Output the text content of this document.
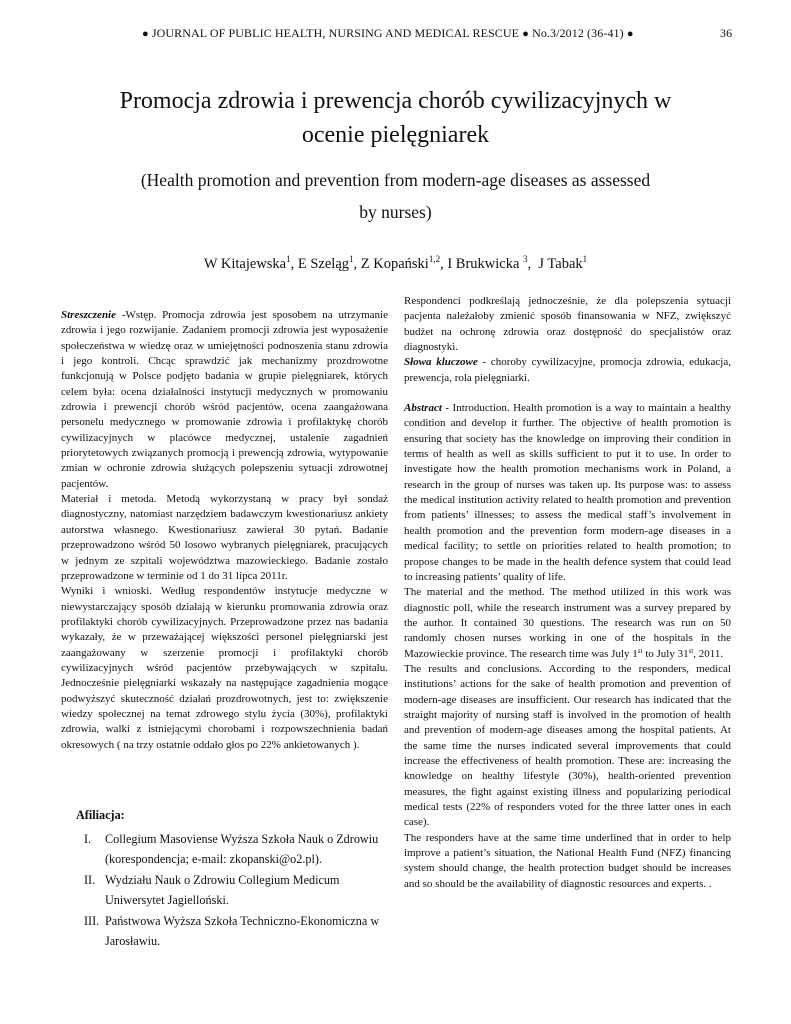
● JOURNAL OF PUBLIC HEALTH, NURSING AND MEDICAL RESCUE ● No.3/2012 (36-41) ●	36
Promocja zdrowia i prewencja chorób cywilizacyjnych w
ocenie pielęgniarek
(Health promotion and prevention from modern-age diseases as assessed
by nurses)
W Kitajewska$^1$, E Szeląg$^1$, Z Kopański$^{1,2}$, I Brukwicka $^3$,  J Tabak$^1$

Streszczenie -Wstęp. Promocja zdrowia jest sposobem na utrzymanie zdrowia i jego rozwijanie. Zadaniem promocji zdrowia jest wyposażenie społeczeństwa w wiedzę oraz w umiejętności podnoszenia stanu zdrowia i jego kontroli. Chcąc sprawdzić jak mechanizmy prozdrowotne funkcjonują w Polsce podjęto badania w grupie pielęgniarek, których celem była: ocena działalności instytucji medycznych w promowaniu zdrowia i prewencji chorób wśród pacjentów, ocena zaangażowana personelu medycznego w promowanie zdrowia i profilaktykę chorób cywilizacyjnych w placówce medycznej, ustalenie zagadnień priorytetowych związanych promocją i prewencją zdrowia, wytypowanie zmian w ochronie zdrowia służących polepszeniu sytuacji zdrowotnej pacjentów.

Materiał i metoda. Metodą wykorzystaną w pracy był sondaż diagnostyczny, natomiast narzędziem badawczym kwestionariusz ankiety autorstwa własnego. Kwestionariusz zawierał 30 pytań. Badanie przeprowadzono wśród 50 losowo wybranych pielęgniarek, pracujących w jednym ze szpitali województwa mazowieckiego. Badanie zostało przeprowadzone w terminie od 1 do 31 lipca 2011r.

Wyniki i wnioski. Według respondentów instytucje medyczne w niewystarczający sposób działają w kierunku promowania zdrowia oraz profilaktyki chorób cywilizacyjnych. Przeprowadzone przez nas badania wykazały, że w przeważającej większości personel pielęgniarski jest zaangażowany w szerzenie promocji i profilaktyki chorób cywilizacyjnych wśród pacjentów przebywających w szpitalu. Jednocześnie pielęgniarki wskazały na następujące zagadnienia mogące podwyższyć skuteczność działań prozdrowotnych, jest to: zwiększenie wiedzy społecznej na temat zdrowego stylu życia (30%), profilaktyki zdrowia, walki z istniejącymi chorobami i rozpowszechnienia badań okresowych ( na trzy ostatnie oddało głos po 22% ankietowanych ).

Afiliacja:
I. Collegium Masoviense Wyższa Szkoła Nauk o Zdrowiu (korespondencja; e-mail: zkopanski@o2.pl).
II. Wydziału Nauk o Zdrowiu Collegium Medicum Uniwersytet Jagielloński.
III. Państwowa Wyższa Szkoła Techniczno-Ekonomiczna w Jarosławiu.

Respondenci podkreślają jednocześnie, że dla polepszenia sytuacji pacjenta należałoby zmienić sposób finansowania w NFZ, zwiększyć budżet na ochronę zdrowia oraz dostępność do specjalistów oraz diagnostyki.

Słowa kluczowe - choroby cywilizacyjne, promocja zdrowia, edukacja, prewencja, rola pielęgniarki.

Abstract - Introduction. Health promotion is a way to maintain a healthy condition and develop it further. The objective of health promotion is ensuring that society has the knowledge on improving their condition in terms of health as well as skills sufficient to put it to use. In order to investigate how the health promotion mechanisms work in Poland, a research in the group of nurses was taken up. Its purpose was: to assess the medical institution activity related to health promotion and prevention from patients’ illnesses; to assess the medical staff’s involvement in health promotion and the prevention form modern-age diseases in a medical facility; to settle on priorities related to health promotion; to propose changes to be made in the health defence system that could lead to increasing patients’ quality of life.

The material and the method. The method utilized in this work was diagnostic poll, while the research instrument was a survey prepared by the author. It contained 30 questions. The research was run on 50 randomly chosen nurses working in one of the hospitals in the Mazowieckie province. The research time was July 1st to July 31st, 2011.

The results and conclusions. According to the responders, medical institutions’ actions for the sake of health promotion and prevention of modern-age diseases are insufficient. Our research has indicated that the straight majority of nursing staff is involved in the promotion of health and prevention of modern-age diseases among the hospital patients. At the same time the nurses indicated several improvements that could increase the effectiveness of health promotion. These are: increasing the knowledge on healthy lifestyle (30%), health-oriented prevention measures, the fight against existing illness and popularizing periodical medical tests (22% of responders voted for the three latter ones in each case).

The responders have at the same time underlined that in order to help improve a patient’s situation, the National Health Fund (NFZ) financing system should change, the health protection budget should be increases and so should be the availability of diagnostic resources and experts. .
